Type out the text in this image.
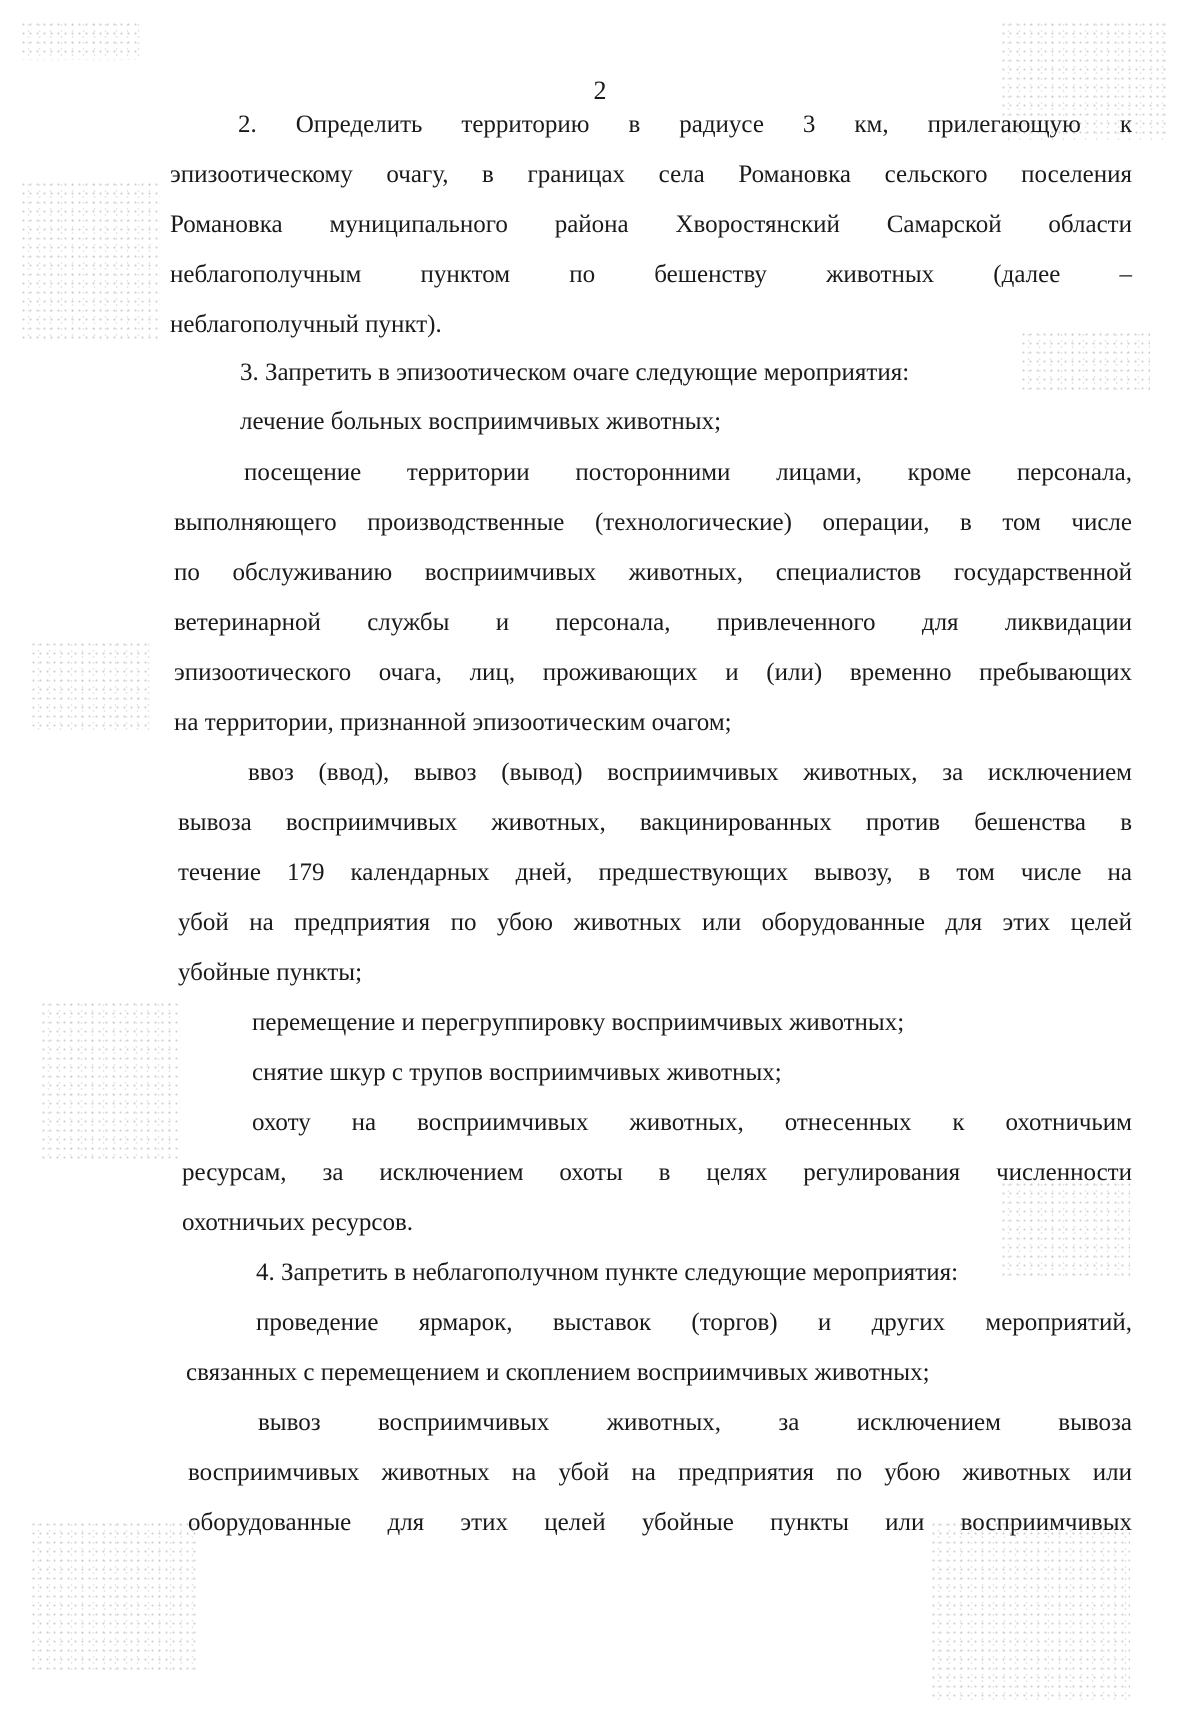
2
2. Определить территорию в радиусе 3 км, прилегающую к
эпизоотическому очагу, в границах села Романовка сельского поселения
Романовка муниципального района Хворостянский Самарской области
неблагополучным пунктом по бешенству животных (далее –
неблагополучный пункт).
3. Запретить в эпизоотическом очаге следующие мероприятия:
лечение больных восприимчивых животных;
посещение территории посторонними лицами, кроме персонала,
выполняющего производственные (технологические) операции, в том числе
по обслуживанию восприимчивых животных, специалистов государственной
ветеринарной службы и персонала, привлеченного для ликвидации
эпизоотического очага, лиц, проживающих и (или) временно пребывающих
на территории, признанной эпизоотическим очагом;
ввоз (ввод), вывоз (вывод) восприимчивых животных, за исключением
вывоза восприимчивых животных, вакцинированных против бешенства в
течение 179 календарных дней, предшествующих вывозу, в том числе на
убой на предприятия по убою животных или оборудованные для этих целей
убойные пункты;
перемещение и перегруппировку восприимчивых животных;
снятие шкур с трупов восприимчивых животных;
охоту на восприимчивых животных, отнесенных к охотничьим
ресурсам, за исключением охоты в целях регулирования численности
охотничьих ресурсов.
4. Запретить в неблагополучном пункте следующие мероприятия:
проведение ярмарок, выставок (торгов) и других мероприятий,
связанных с перемещением и скоплением восприимчивых животных;
вывоз восприимчивых животных, за исключением вывоза
восприимчивых животных на убой на предприятия по убою животных или
оборудованные для этих целей убойные пункты или восприимчивых
